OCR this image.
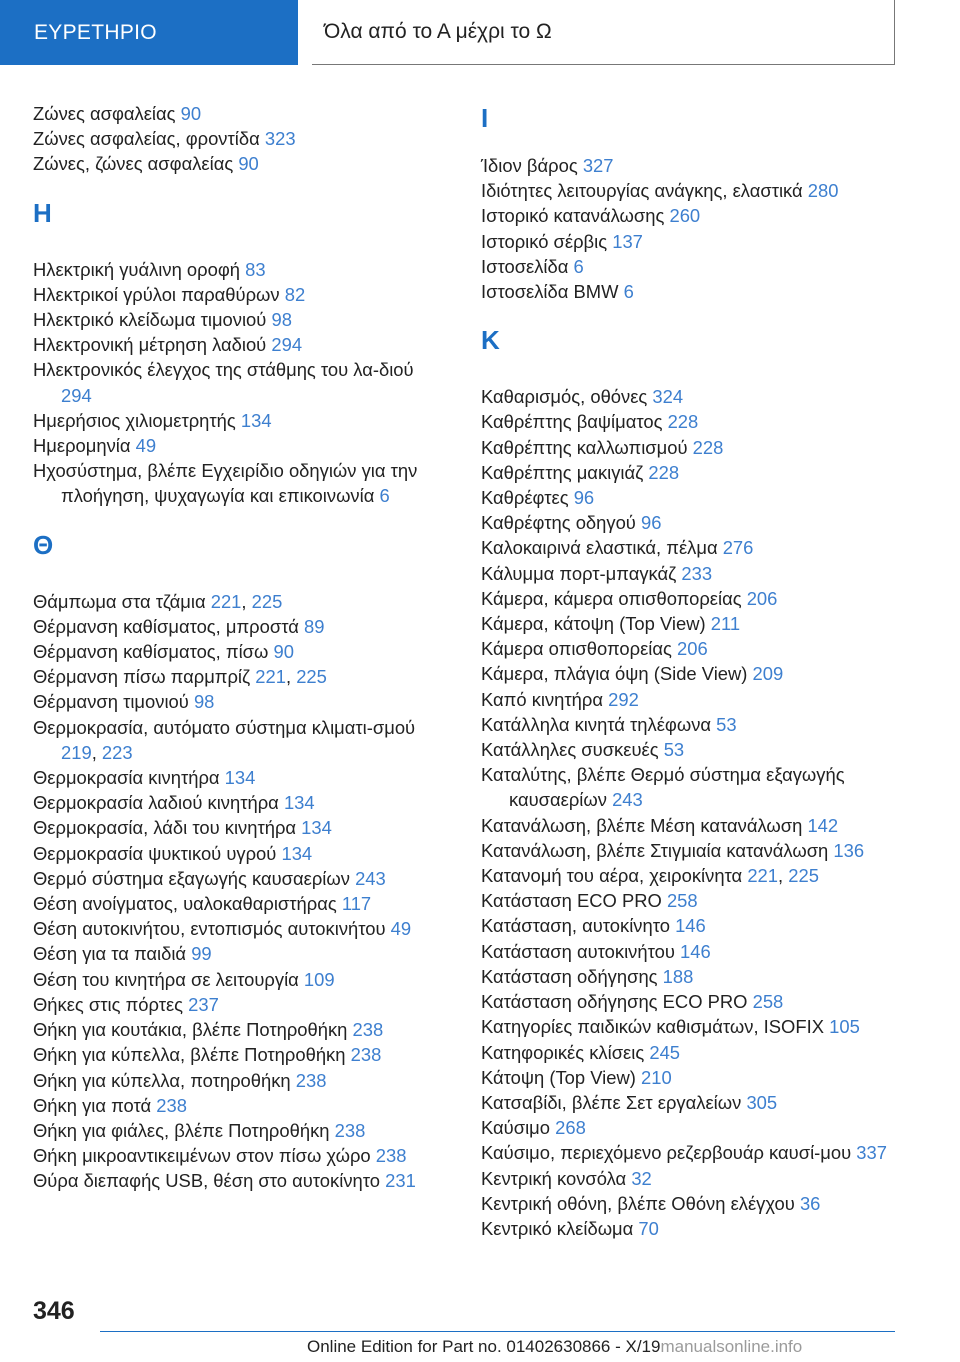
ΕΥΡΕΤΗΡΙΟ	Όλα από το Α μέχρι το Ω
Ζώνες ασφαλείας 90
Ζώνες ασφαλείας, φροντίδα 323
Ζώνες, ζώνες ασφαλείας 90
Η
Ηλεκτρική γυάλινη οροφή 83
Ηλεκτρικοί γρύλοι παραθύρων 82
Ηλεκτρικό κλείδωμα τιμονιού 98
Ηλεκτρονική μέτρηση λαδιού 294
Ηλεκτρονικός έλεγχος της στάθμης του λα-διού 294
Ημερήσιος χιλιομετρητής 134
Ημερομηνία 49
Ηχοσύστημα, βλέπε Εγχειρίδιο οδηγιών για την πλοήγηση, ψυχαγωγία και επικοινωνία 6
Θ
Θάμπωμα στα τζάμια 221, 225
Θέρμανση καθίσματος, μπροστά 89
Θέρμανση καθίσματος, πίσω 90
Θέρμανση πίσω παρμπρίζ 221, 225
Θέρμανση τιμονιού 98
Θερμοκρασία, αυτόματο σύστημα κλιματι-σμού 219, 223
Θερμοκρασία κινητήρα 134
Θερμοκρασία λαδιού κινητήρα 134
Θερμοκρασία, λάδι του κινητήρα 134
Θερμοκρασία ψυκτικού υγρού 134
Θερμό σύστημα εξαγωγής καυσαερίων 243
Θέση ανοίγματος, υαλοκαθαριστήρας 117
Θέση αυτοκινήτου, εντοπισμός αυτοκινήτου 49
Θέση για τα παιδιά 99
Θέση του κινητήρα σε λειτουργία 109
Θήκες στις πόρτες 237
Θήκη για κουτάκια, βλέπε Ποτηροθήκη 238
Θήκη για κύπελλα, βλέπε Ποτηροθήκη 238
Θήκη για κύπελλα, ποτηροθήκη 238
Θήκη για ποτά 238
Θήκη για φιάλες, βλέπε Ποτηροθήκη 238
Θήκη μικροαντικειμένων στον πίσω χώρο 238
Θύρα διεπαφής USB, θέση στο αυτοκίνητο 231
Ι
Ίδιον βάρος 327
Ιδιότητες λειτουργίας ανάγκης, ελαστικά 280
Ιστορικό κατανάλωσης 260
Ιστορικό σέρβις 137
Ιστοσελίδα 6
Ιστοσελίδα BMW 6
Κ
Καθαρισμός, οθόνες 324
Καθρέπτης βαψίματος 228
Καθρέπτης καλλωπισμού 228
Καθρέπτης μακιγιάζ 228
Καθρέφτες 96
Καθρέφτης οδηγού 96
Καλοκαιρινά ελαστικά, πέλμα 276
Κάλυμμα πορτ-μπαγκάζ 233
Κάμερα, κάμερα οπισθοπορείας 206
Κάμερα, κάτοψη (Top View) 211
Κάμερα οπισθοπορείας 206
Κάμερα, πλάγια όψη (Side View) 209
Καπό κινητήρα 292
Κατάλληλα κινητά τηλέφωνα 53
Κατάλληλες συσκευές 53
Καταλύτης, βλέπε Θερμό σύστημα εξαγωγής καυσαερίων 243
Κατανάλωση, βλέπε Μέση κατανάλωση 142
Κατανάλωση, βλέπε Στιγμιαία κατανάλωση 136
Κατανομή του αέρα, χειροκίνητα 221, 225
Κατάσταση ECO PRO 258
Κατάσταση, αυτοκίνητο 146
Κατάσταση αυτοκινήτου 146
Κατάσταση οδήγησης 188
Κατάσταση οδήγησης ECO PRO 258
Κατηγορίες παιδικών καθισμάτων, ISOFIX 105
Κατηφορικές κλίσεις 245
Κάτοψη (Top View) 210
Κατσαβίδι, βλέπε Σετ εργαλείων 305
Καύσιμο 268
Καύσιμο, περιεχόμενο ρεζερβουάρ καυσί-μου 337
Κεντρική κονσόλα 32
Κεντρική οθόνη, βλέπε Οθόνη ελέγχου 36
Κεντρικό κλείδωμα 70
346
Online Edition for Part no. 01402630866 - X/19manualsonline.info
